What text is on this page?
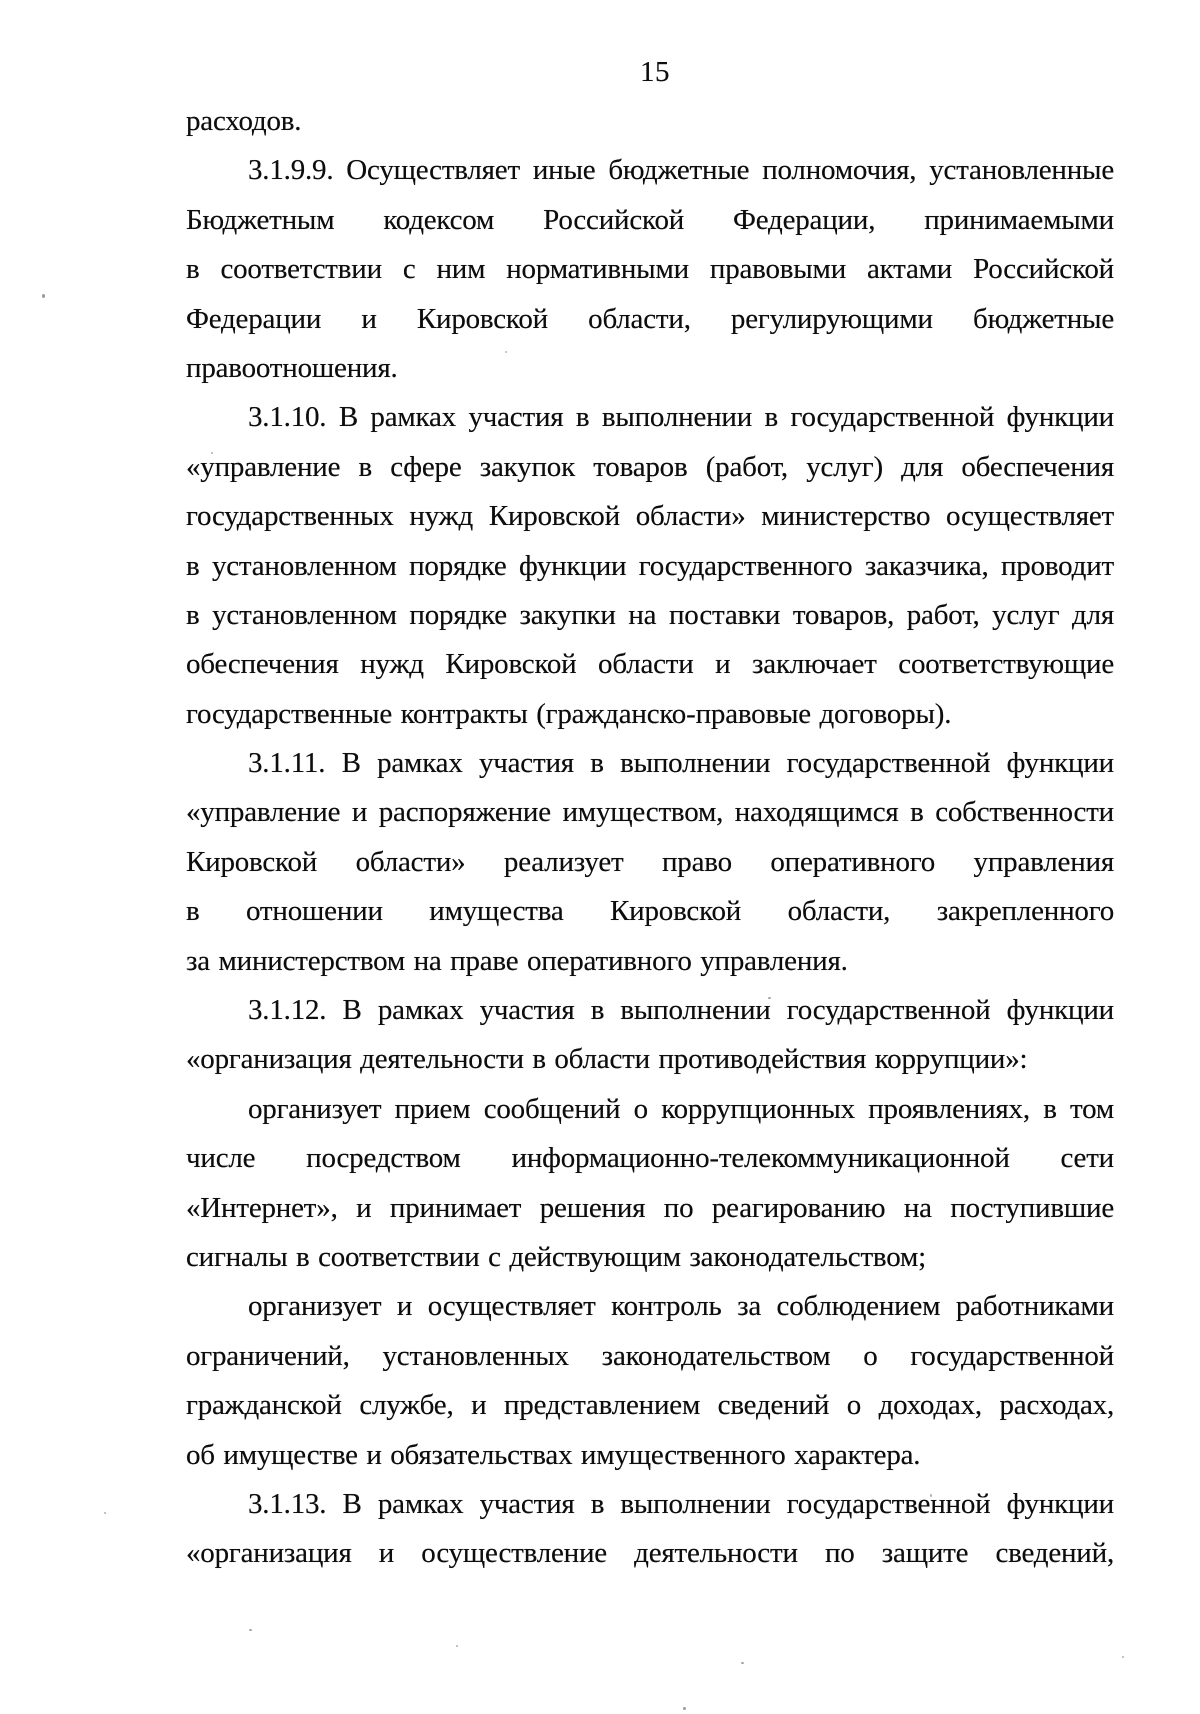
15
расходов.
3.1.9.9. Осуществляет иные бюджетные полномочия, установленные
Бюджетным кодексом Российской Федерации, принимаемыми
в соответствии с ним нормативными правовыми актами Российской
Федерации и Кировской области, регулирующими бюджетные
правоотношения.
3.1.10. В рамках участия в выполнении в государственной функции
«управление в сфере закупок товаров (работ, услуг) для обеспечения
государственных нужд Кировской области» министерство осуществляет
в установленном порядке функции государственного заказчика, проводит
в установленном порядке закупки на поставки товаров, работ, услуг для
обеспечения нужд Кировской области и заключает соответствующие
государственные контракты (гражданско-правовые договоры).
3.1.11. В рамках участия в выполнении государственной функции
«управление и распоряжение имуществом, находящимся в собственности
Кировской области» реализует право оперативного управления
в отношении имущества Кировской области, закрепленного
за министерством на праве оперативного управления.
3.1.12. В рамках участия в выполнении государственной функции
«организация деятельности в области противодействия коррупции»:
организует прием сообщений о коррупционных проявлениях, в том
числе посредством информационно-телекоммуникационной сети
«Интернет», и принимает решения по реагированию на поступившие
сигналы в соответствии с действующим законодательством;
организует и осуществляет контроль за соблюдением работниками
ограничений, установленных законодательством о государственной
гражданской службе, и представлением сведений о доходах, расходах,
об имуществе и обязательствах имущественного характера.
3.1.13. В рамках участия в выполнении государственной функции
«организация и осуществление деятельности по защите сведений,
